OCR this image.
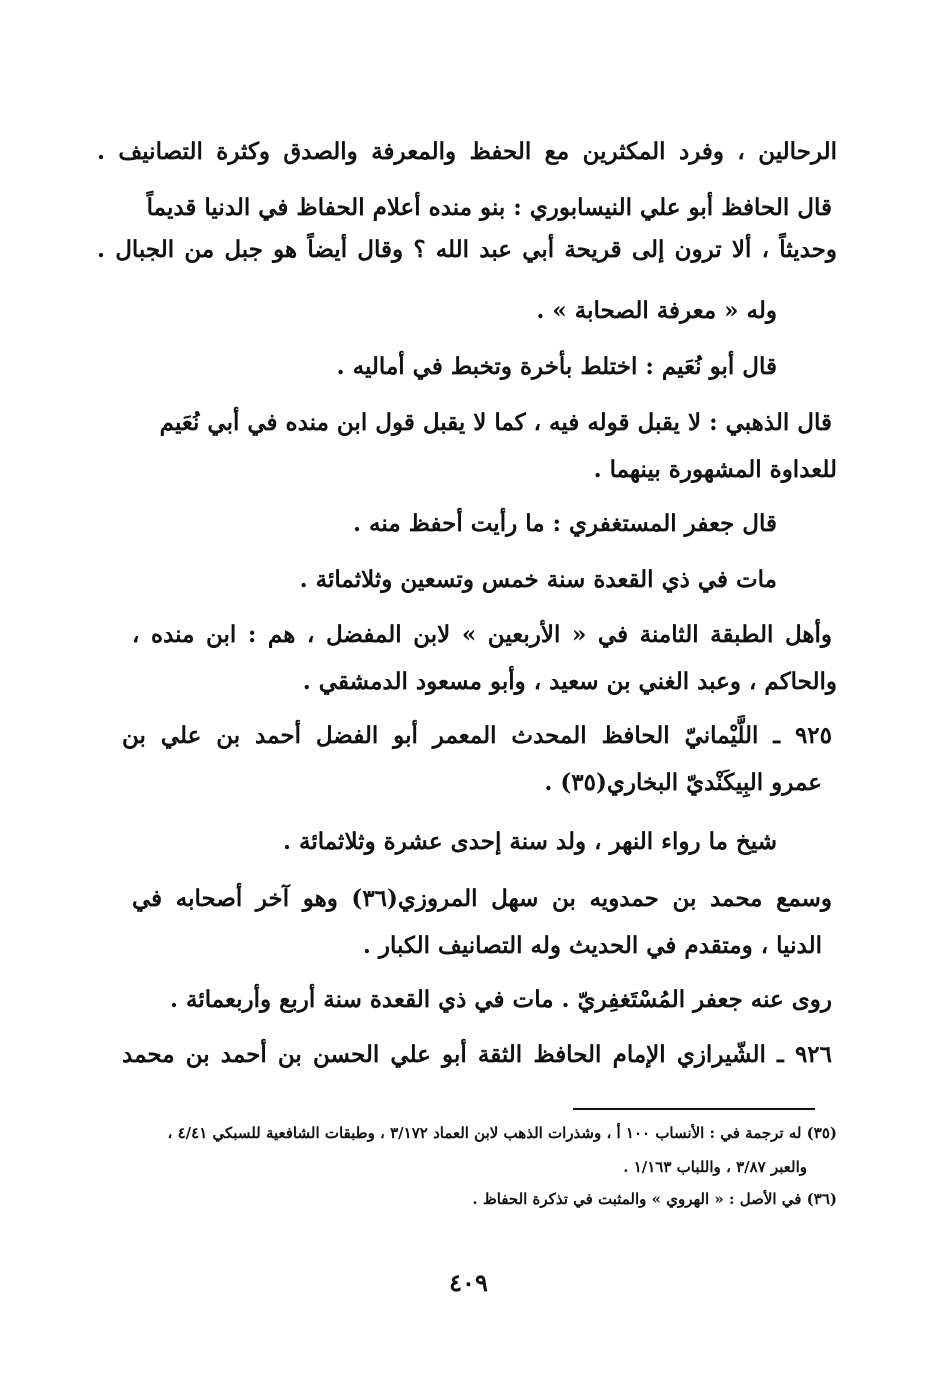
الرحالين ، وفرد المكثرين مع الحفظ والمعرفة والصدق وكثرة التصانيف .
قال الحافظ أبو علي النيسابوري : بنو منده أعلام الحفاظ في الدنيا قديماً
وحديثاً ، ألا ترون إلى قريحة أبي عبد الله ؟ وقال أيضاً هو جبل من الجبال .
وله « معرفة الصحابة » .
قال أبو نُعَيم : اختلط بأخرة وتخبط في أماليه .
قال الذهبي : لا يقبل قوله فيه ، كما لا يقبل قول ابن منده في أبي نُعَيم
للعداوة المشهورة بينهما .
قال جعفر المستغفري : ما رأيت أحفظ منه .
مات في ذي القعدة سنة خمس وتسعين وثلاثمائة .
وأهل الطبقة الثامنة في « الأربعين » لابن المفضل ، هم : ابن منده ،
والحاكم ، وعبد الغني بن سعيد ، وأبو مسعود الدمشقي .
٩٢٥ ـ اللَّيْمانيّ الحافظ المحدث المعمر أبو الفضل أحمد بن علي بن
عمرو البِيكَنْديّ البخاري(٣٥) .
شيخ ما رواء النهر ، ولد سنة إحدى عشرة وثلاثمائة .
وسمع محمد بن حمدويه بن سهل المروزي(٣٦) وهو آخر أصحابه في
الدنيا ، ومتقدم في الحديث وله التصانيف الكبار .
روى عنه جعفر المُسْتَغفِريّ . مات في ذي القعدة سنة أربع وأربعمائة .
٩٢٦ ـ الشّيرازي الإمام الحافظ الثقة أبو علي الحسن بن أحمد بن محمد
(٣٥) له ترجمة في : الأنساب ١٠٠ أ ، وشذرات الذهب لابن العماد ٣/١٧٢ ، وطبقات الشافعية للسبكي ٤/٤١ ،
والعبر ٣/٨٧ ، واللباب ١/١٦٣ .
(٣٦) في الأصل : « الهروي » والمثبت في تذكرة الحفاظ .
٤٠٩
